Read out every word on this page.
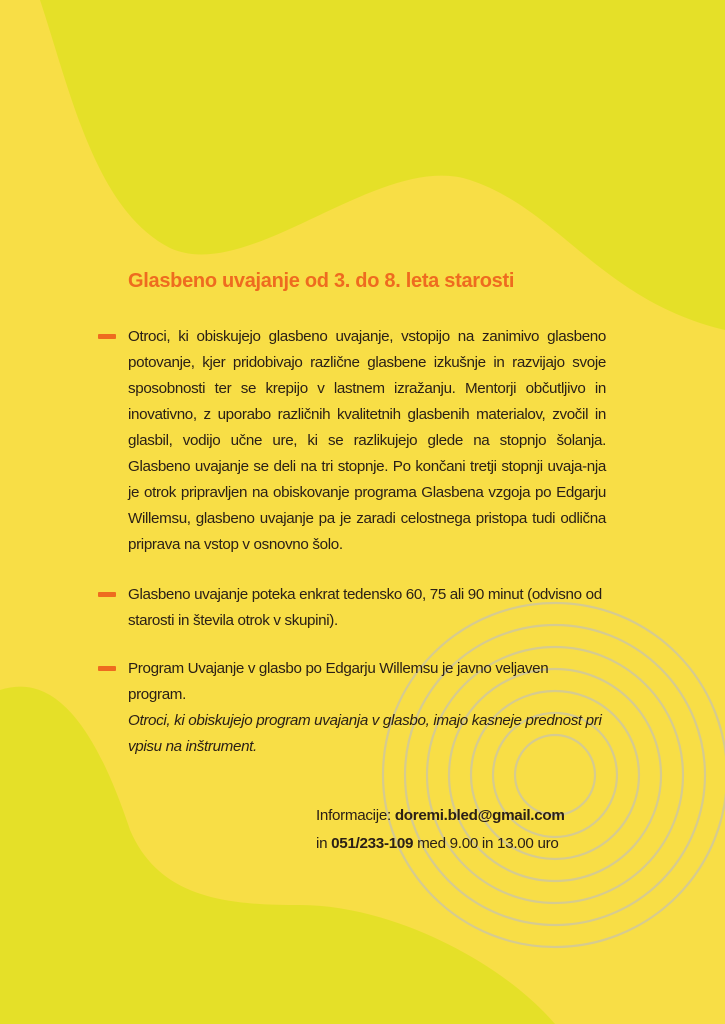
Glasbeno uvajanje od 3. do 8. leta starosti
Otroci, ki obiskujejo glasbeno uvajanje, vstopijo na zanimivo glasbeno potovanje, kjer pridobivajo različne glasbene izkušnje in razvijajo svoje sposobnosti ter se krepijo v lastnem izražanju. Mentorji občutljivo in inovativno, z uporabo različnih kvalitetnih glasbenih materialov, zvočil in glasbil, vodijo učne ure, ki se razlikujejo glede na stopnjo šolanja. Glasbeno uvajanje se deli na tri stopnje. Po končani tretji stopnji uvaja-nja je otrok pripravljen na obiskovanje programa Glasbena vzgoja po Edgarju Willemsu, glasbeno uvajanje pa je zaradi celostnega pristopa tudi odlična priprava na vstop v osnovno šolo.
Glasbeno uvajanje poteka enkrat tedensko 60, 75 ali 90 minut (odvisno od starosti in števila otrok v skupini).
Program Uvajanje v glasbo po Edgarju Willemsu je javno veljaven program.
Otroci, ki obiskujejo program uvajanja v glasbo, imajo kasneje prednost pri vpisu na inštrument.
Informacije: doremi.bled@gmail.com
in 051/233-109 med 9.00 in 13.00 uro
